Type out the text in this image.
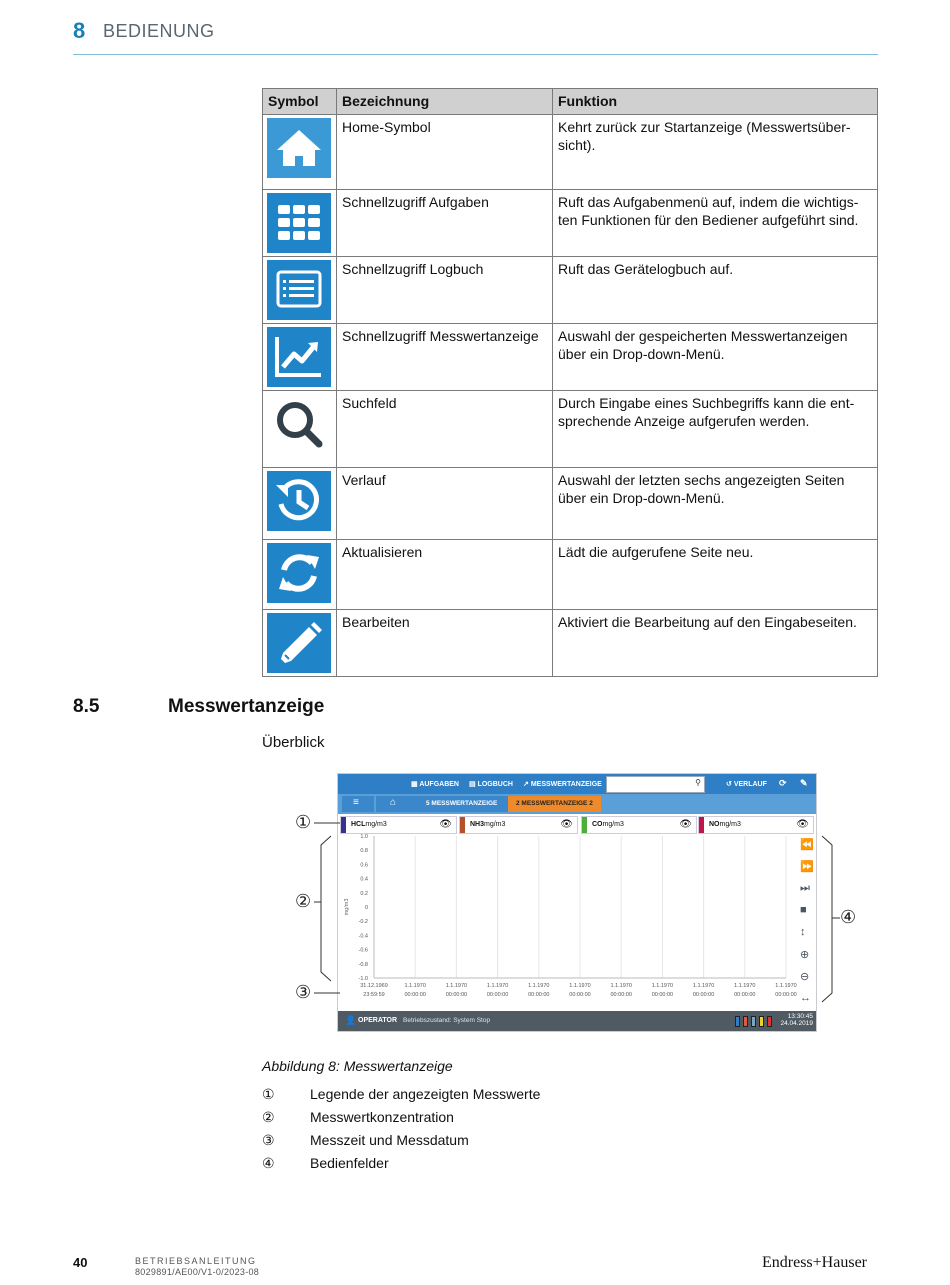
8 BEDIENUNG
Symbol	Bezeichnung	Funktion

	Home-Symbol	Kehrt zurück zur Startanzeige (Messwertsüber-
sicht).

	Schnellzugriff Aufgaben	Ruft das Aufgabenmenü auf, indem die wichtigs-
ten Funktionen für den Bediener aufgeführt sind.

	Schnellzugriff Logbuch	Ruft das Gerätelogbuch auf.

	Schnellzugriff Messwertanzeige	Auswahl der gespeicherten Messwertanzeigen
über ein Drop-down-Menü.

	Suchfeld	Durch Eingabe eines Suchbegriffs kann die ent-
sprechende Anzeige aufgerufen werden.

	Verlauf	Auswahl der letzten sechs angezeigten Seiten
über ein Drop-down-Menü.

	Aktualisieren	Lädt die aufgerufene Seite neu.

	Bearbeiten	Aktiviert die Bearbeitung auf den Eingabeseiten.
8.5	Messwertanzeige
Überblick
▦ AUFGABEN ▤ LOGBUCH ↗ MESSWERTANZEIGE	⚲	↺ VERLAUF ⟳ ✎
≡	⌂	5 MESSWERTANZEIGE	2 MESSWERTANZEIGE 2
HCLmg/m3	👁	NH3mg/m3	👁	COmg/m3	👁 NOmg/m3	👁
1.0
0.8
0.6
0.4
0.2
0
-0.2
-0.4
-0.6
-0.8
-1.0
31.12.1969
23:59:59
1.1.1970
00:00:00
1.1.1970
00:00:00
1.1.1970
00:00:00
1.1.1970
00:00:00
1.1.1970
00:00:00
1.1.1970
00:00:00
1.1.1970
00:00:00
1.1.1970
00:00:00
1.1.1970
00:00:00
1.1.1970
00:00:00
mg/m3
⏪
⏩
⏭
■
↕
⊕
⊖
↔
👤 OPERATOR Betriebszustand: System Stop
13:30:45
24.04.2019
①
②
③
④
Abbildung 8: Messwertanzeige
①	Legende der angezeigten Messwerte
②	Messwertkonzentration
③	Messzeit und Messdatum
④	Bedienfelder
40	BETRIEBSANLEITUNG
8029891/AE00/V1-0/2023-08
Endress+Hauser
